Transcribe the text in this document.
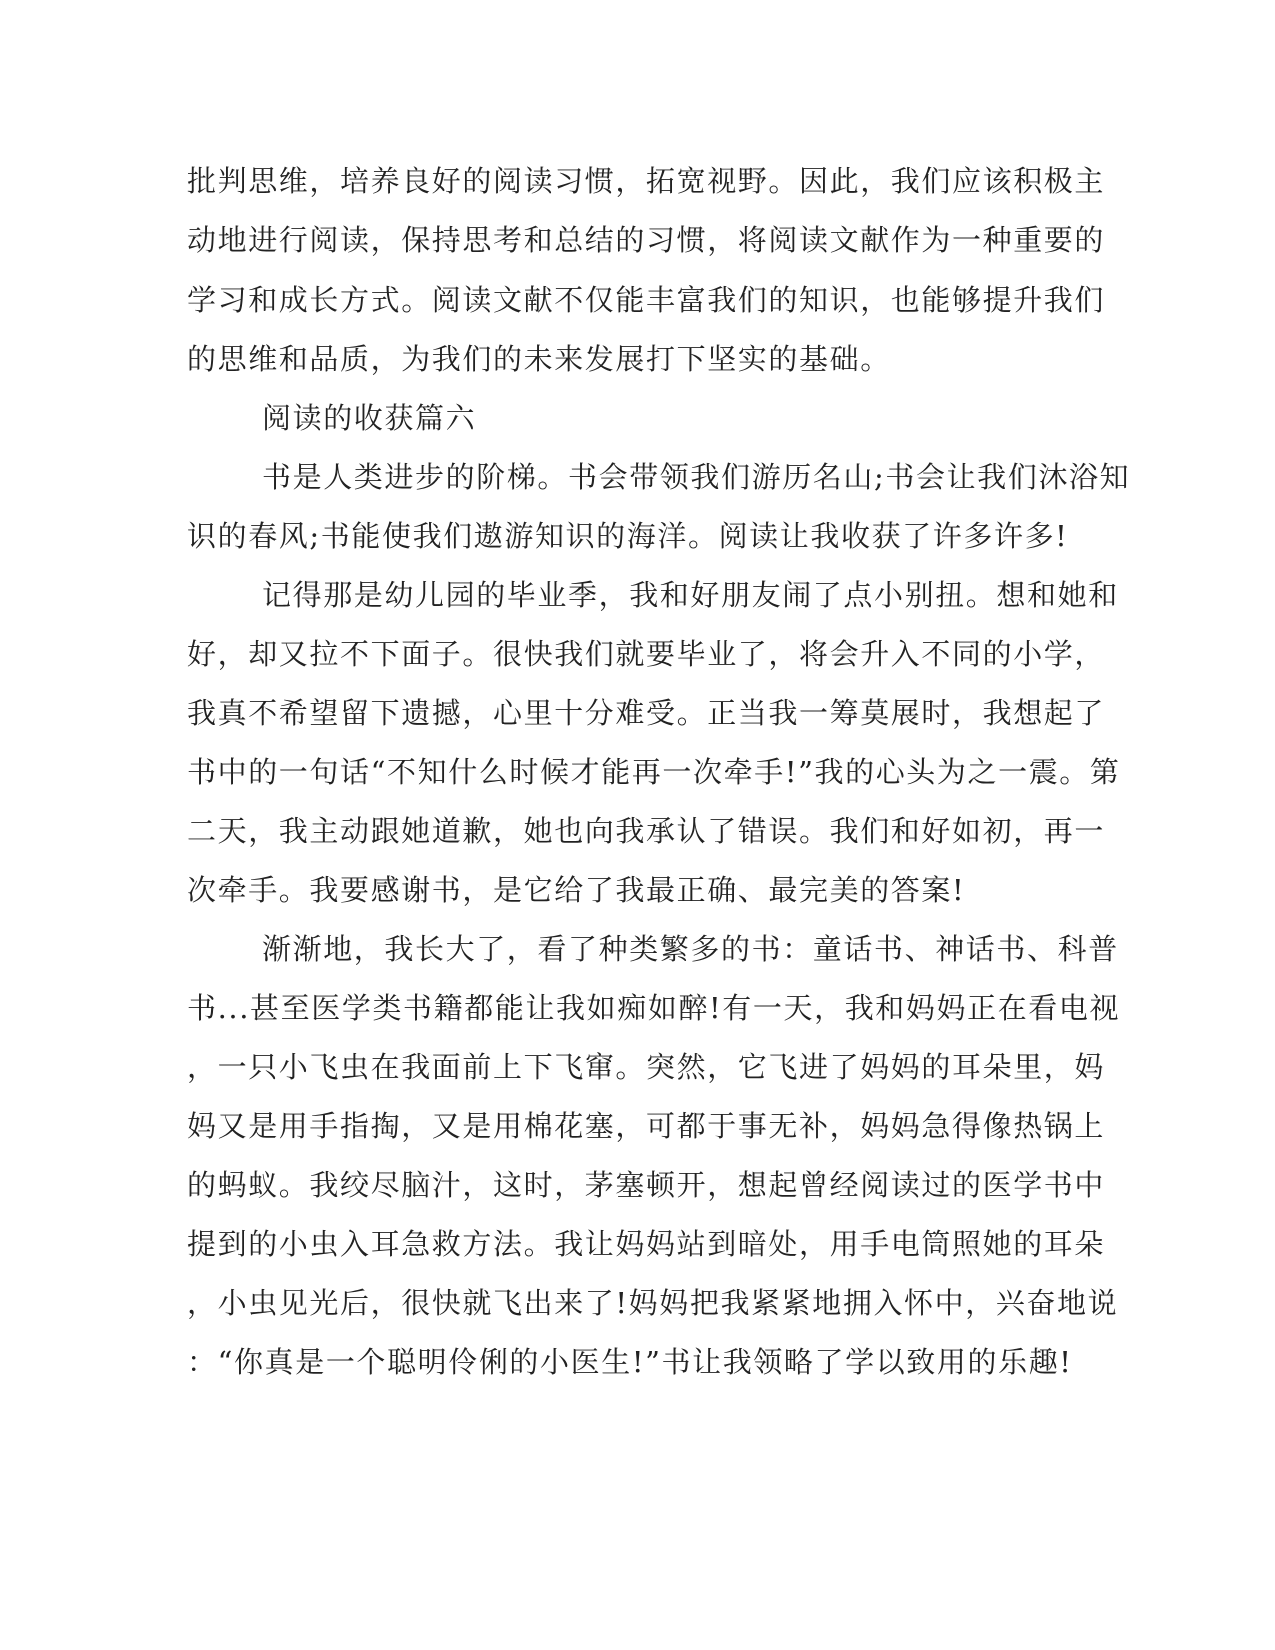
批判思维，培养良好的阅读习惯，拓宽视野。因此，我们应该积极主
动地进行阅读，保持思考和总结的习惯，将阅读文献作为一种重要的
学习和成长方式。阅读文献不仅能丰富我们的知识，也能够提升我们
的思维和品质，为我们的未来发展打下坚实的基础。
阅读的收获篇六
书是人类进步的阶梯。书会带领我们游历名山;书会让我们沐浴知
识的春风;书能使我们遨游知识的海洋。阅读让我收获了许多许多!
记得那是幼儿园的毕业季，我和好朋友闹了点小别扭。想和她和
好，却又拉不下面子。很快我们就要毕业了，将会升入不同的小学，
我真不希望留下遗撼，心里十分难受。正当我一筹莫展时，我想起了
书中的一句话“不知什么时候才能再一次牵手!”我的心头为之一震。第
二天，我主动跟她道歉，她也向我承认了错误。我们和好如初，再一
次牵手。我要感谢书，是它给了我最正确、最完美的答案!
渐渐地，我长大了，看了种类繁多的书：童话书、神话书、科普
书...甚至医学类书籍都能让我如痴如醉!有一天，我和妈妈正在看电视
，一只小飞虫在我面前上下飞窜。突然，它飞进了妈妈的耳朵里，妈
妈又是用手指掏，又是用棉花塞，可都于事无补，妈妈急得像热锅上
的蚂蚁。我绞尽脑汁，这时，茅塞顿开，想起曾经阅读过的医学书中
提到的小虫入耳急救方法。我让妈妈站到暗处，用手电筒照她的耳朵
，小虫见光后，很快就飞出来了!妈妈把我紧紧地拥入怀中，兴奋地说
：“你真是一个聪明伶俐的小医生!”书让我领略了学以致用的乐趣!
